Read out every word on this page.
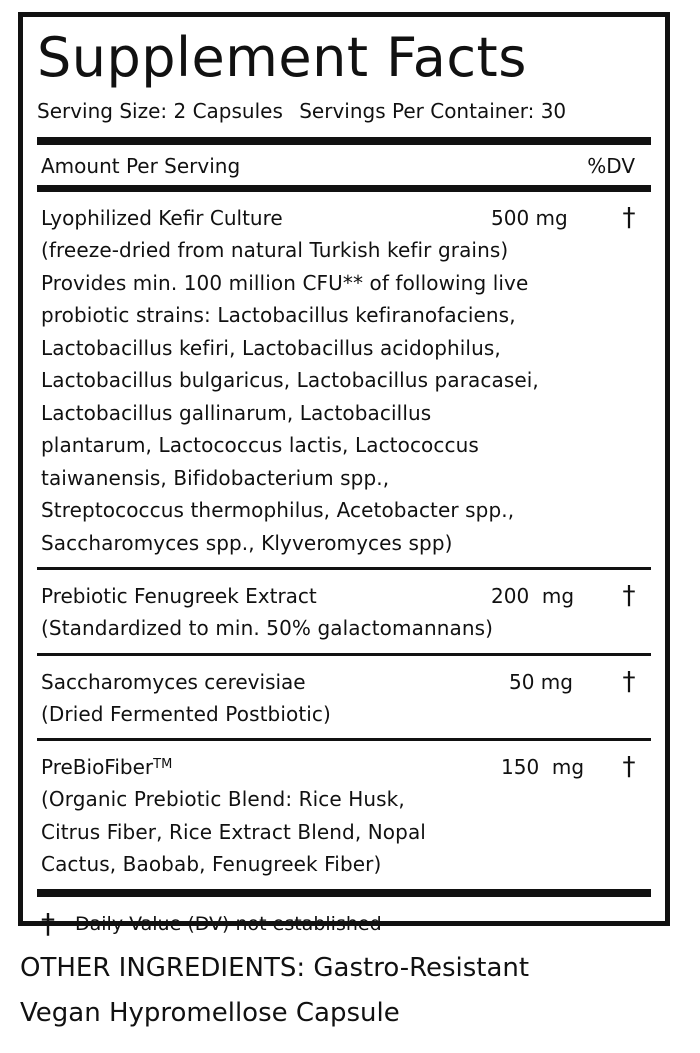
Supplement Facts
Serving Size: 2 Capsules Servings Per Container: 30
Amount Per Serving	%DV
Lyophilized Kefir Culture	500 mg	†
(freeze-dried from natural Turkish kefir grains)
Provides min. 100 million CFU** of following live
probiotic strains: Lactobacillus kefiranofaciens,
Lactobacillus kefiri, Lactobacillus acidophilus,
Lactobacillus bulgaricus, Lactobacillus paracasei,
Lactobacillus gallinarum, Lactobacillus
plantarum, Lactococcus lactis, Lactococcus
taiwanensis, Bifidobacterium spp.,
Streptococcus thermophilus, Acetobacter spp.,
Saccharomyces spp., Klyveromyces spp)
Prebiotic Fenugreek Extract	200  mg	†
(Standardized to min. 50% galactomannans)
Saccharomyces cerevisiae	50 mg	†
(Dried Fermented Postbiotic)
PreBioFiber™	150  mg	†
(Organic Prebiotic Blend: Rice Husk,
Citrus Fiber, Rice Extract Blend, Nopal
Cactus, Baobab, Fenugreek Fiber)
†	Daily Value (DV) not established
OTHER INGREDIENTS: Gastro-Resistant
Vegan Hypromellose Capsule
